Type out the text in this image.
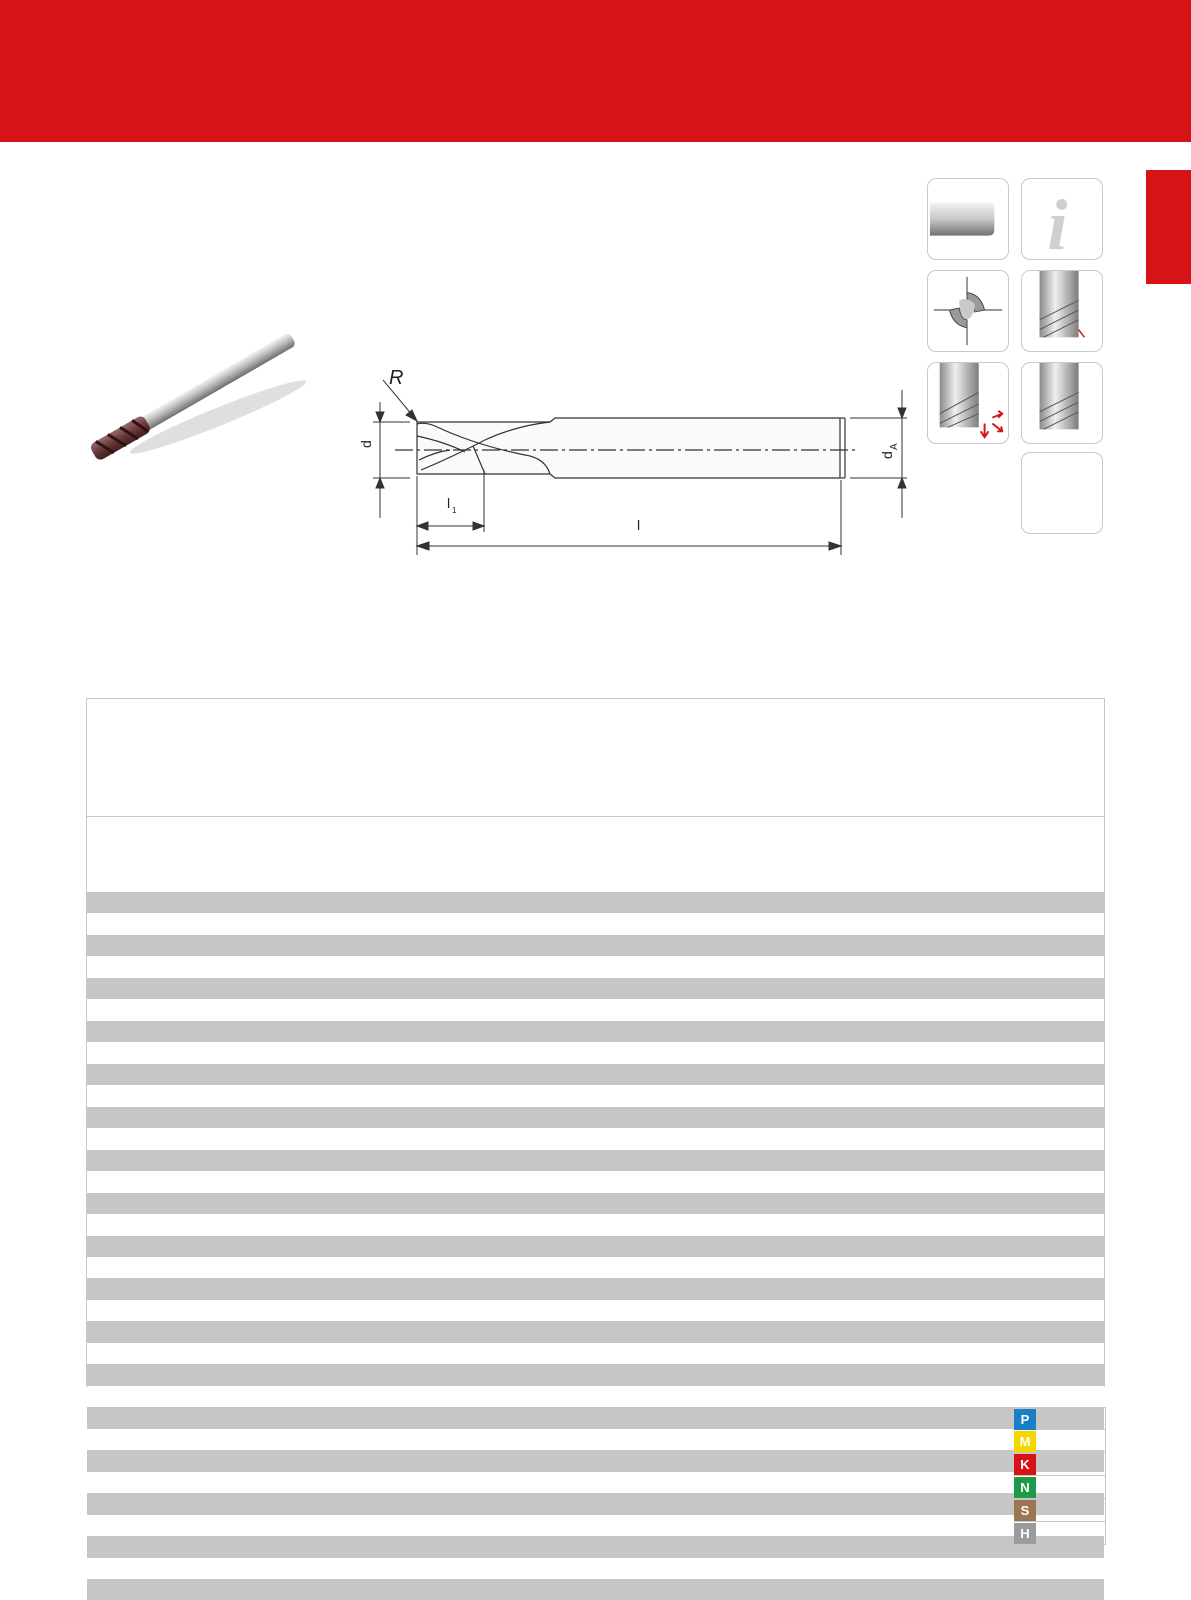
R
d
d
A
l 1
l
i
P
M
K
N
S
H
